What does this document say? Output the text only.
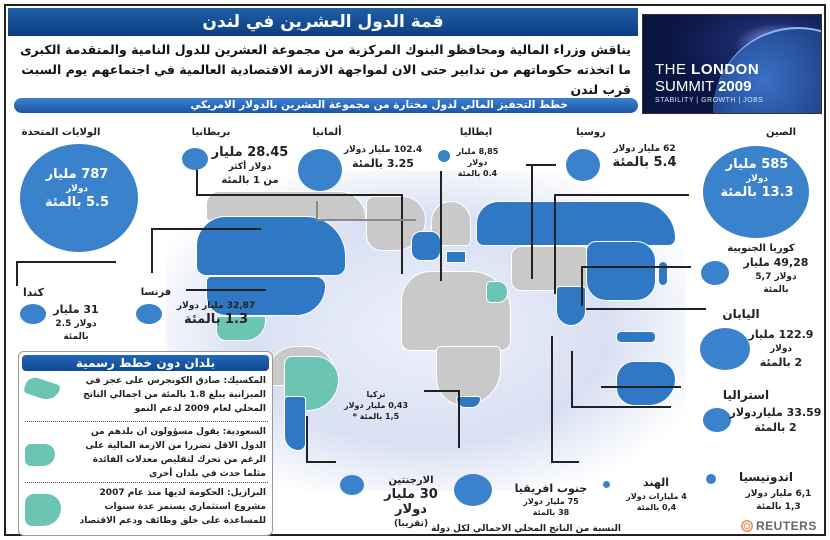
قمة الدول العشرين في لندن
يناقش وزراء المالية ومحافظو البنوك المركزية من مجموعة العشرين للدول النامية والمتقدمة الكبرى ما اتخذته حكوماتهم من تدابير حتى الان لمواجهة الازمة الاقتصادية العالمية في اجتماعهم يوم السبت قرب لندن
THE LONDON
SUMMIT 2009
STABILITY | GROWTH | JOBS
خطط التحفيز المالي لدول مختارة من مجموعة العشرين بالدولار الامريكي
الولايات المتحدة
787 مليار
دولار
5.5 بالمئة
بريطانيا
28.45 مليار
دولار أكثر
من 1 بالمئة
ألمانيا
102.4 مليار دولار
3.25 بالمئة
ايطاليا
8,85 مليار
دولار
0.4 بالمئة
روسيا
62 مليار دولار
5.4 بالمئة
الصين
585 مليار
دولار
13.3 بالمئة
كوريا الجنوبية
49,28 مليار
دولار 5,7
بالمئة
اليابان
122.9 مليار
دولار
2 بالمئة
استراليا
33.59 ملياردولار
2 بالمئة
اندونيسيا
6,1 مليار دولار
1,3 بالمئة
الهند
4 مليارات دولار
0,4 بالمئة
جنوب افريقيا
75 مليار دولار
38 بالمئة
الارجنتين
30 مليار دولار
(تقريبا)
تركيا
0,43 مليار دولار
1,5 بالمئة *
كندا
31 مليار
دولار 2.5 بالمئة
فرنسا
32,87 مليار دولار
1.3 بالمئة
بلدان دون خطط رسمية
المكسيك: صادق الكونجرس على عجز في الميزانية يبلغ 1.8 بالمئة من اجمالي الناتج المحلي لعام 2009 لدعم النمو
السعودية: يقول مسؤولون ان بلدهم من الدول الاقل تضررا من الازمة المالية على الرغم من تحرك لتقليص معدلات الفائدة مثلما حدث في بلدان أخرى
البرازيل: الحكومة لديها منذ عام 2007 مشروع استثماري يستمر عدة سنوات للمساعدة على خلق وظائف ودعم الاقتصاد
النسبة من الناتج المحلي الاجمالي لكل دولة	REUTERS
